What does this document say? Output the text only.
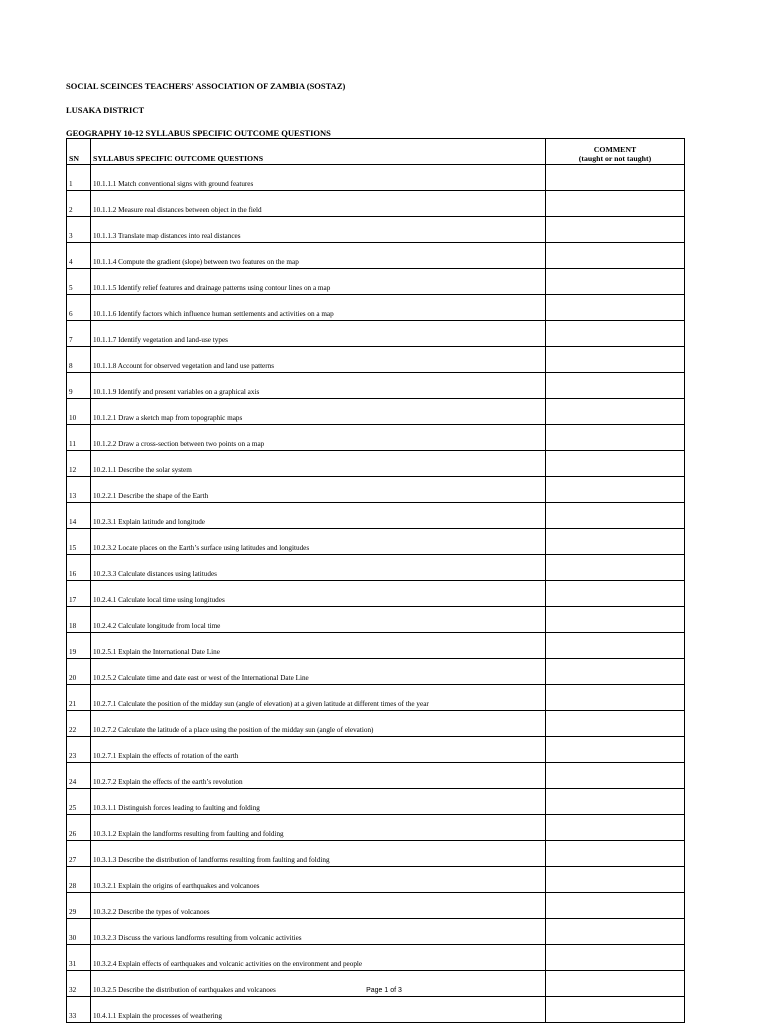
SOCIAL SCEINCES TEACHERS' ASSOCIATION OF ZAMBIA (SOSTAZ)
LUSAKA DISTRICT
GEOGRAPHY 10-12 SYLLABUS SPECIFIC OUTCOME QUESTIONS
SN	SYLLABUS SPECIFIC OUTCOME QUESTIONS	COMMENT
(taught or not taught)

1	10.1.1.1 Match conventional signs with ground features	
2	10.1.1.2 Measure real distances between object in the field	
3	10.1.1.3 Translate map distances into real distances	
4	10.1.1.4 Compute the gradient (slope) between two features on the map	
5	10.1.1.5 Identify relief features and drainage patterns using contour lines on a map	
6	10.1.1.6 Identify factors which influence human settlements and activities on a map	
7	10.1.1.7 Identify vegetation and land-use types	
8	10.1.1.8 Account for observed vegetation and land use patterns	
9	10.1.1.9 Identify and present variables on a graphical axis	
10	10.1.2.1 Draw a sketch map from topographic maps	
11	10.1.2.2 Draw a cross-section between two points on a map	
12	10.2.1.1 Describe the solar system	
13	10.2.2.1 Describe the shape of the Earth	
14	10.2.3.1 Explain latitude and longitude	
15	10.2.3.2 Locate places on the Earth’s surface using latitudes and longitudes	
16	10.2.3.3 Calculate distances using latitudes	
17	10.2.4.1 Calculate local time using longitudes	
18	10.2.4.2 Calculate longitude from local time	
19	10.2.5.1 Explain the International Date Line	
20	10.2.5.2 Calculate time and date east or west of the International Date Line	
21	10.2.7.1 Calculate the position of the midday sun (angle of elevation) at a given latitude at different times of the year	
22	10.2.7.2 Calculate the latitude of a place using the position of the midday sun (angle of elevation)	
23	10.2.7.1 Explain the effects of rotation of the earth	
24	10.2.7.2 Explain the effects of the earth’s revolution	
25	10.3.1.1 Distinguish forces leading to faulting and folding	
26	10.3.1.2 Explain the landforms resulting from faulting and folding	
27	10.3.1.3 Describe the distribution of landforms resulting from faulting and folding	
28	10.3.2.1 Explain the origins of earthquakes and volcanoes	
29	10.3.2.2 Describe the types of volcanoes	
30	10.3.2.3 Discuss the various landforms resulting from volcanic activities	
31	10.3.2.4 Explain effects of earthquakes and volcanic activities on the environment and people	
32	10.3.2.5 Describe the distribution of earthquakes and volcanoes	
33	10.4.1.1 Explain the processes of weathering	
Page 1 of 3
